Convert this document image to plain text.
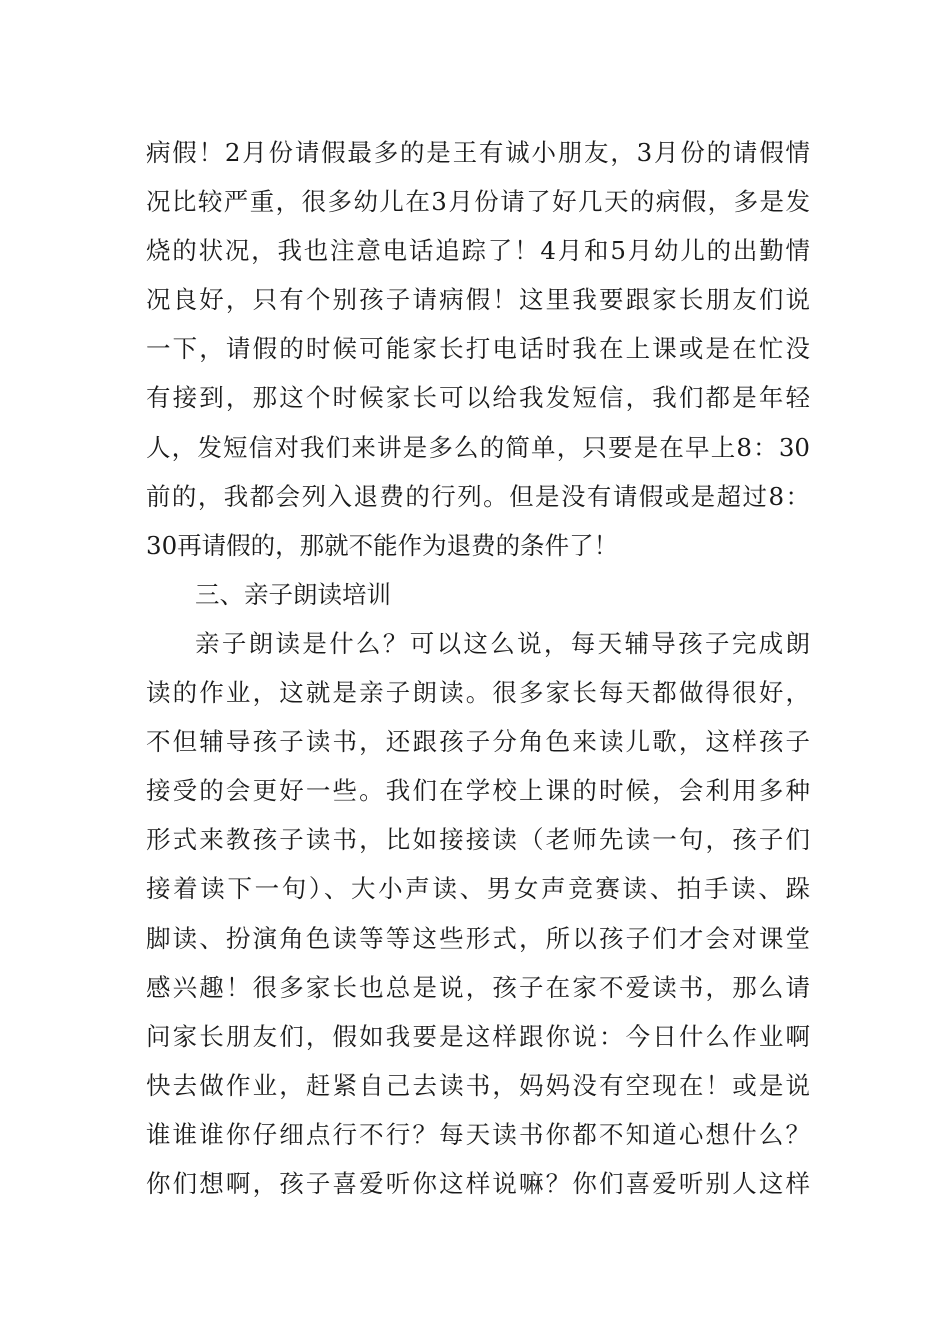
病假！2月份请假最多的是王有诚小朋友，3月份的请假情
况比较严重，很多幼儿在3月份请了好几天的病假，多是发
烧的状况，我也注意电话追踪了！4月和5月幼儿的出勤情
况良好，只有个别孩子请病假！这里我要跟家长朋友们说
一下，请假的时候可能家长打电话时我在上课或是在忙没
有接到，那这个时候家长可以给我发短信，我们都是年轻
人，发短信对我们来讲是多么的简单，只要是在早上8：30
前的，我都会列入退费的行列。但是没有请假或是超过8：
30再请假的，那就不能作为退费的条件了！
三、亲子朗读培训
亲子朗读是什么？可以这么说，每天辅导孩子完成朗
读的作业，这就是亲子朗读。很多家长每天都做得很好，
不但辅导孩子读书，还跟孩子分角色来读儿歌，这样孩子
接受的会更好一些。我们在学校上课的时候，会利用多种
形式来教孩子读书，比如接接读（老师先读一句，孩子们
接着读下一句）、大小声读、男女声竞赛读、拍手读、跺
脚读、扮演角色读等等这些形式，所以孩子们才会对课堂
感兴趣！很多家长也总是说，孩子在家不爱读书，那么请
问家长朋友们，假如我要是这样跟你说：今日什么作业啊
快去做作业，赶紧自己去读书，妈妈没有空现在！或是说
谁谁谁你仔细点行不行？每天读书你都不知道心想什么？
你们想啊，孩子喜爱听你这样说嘛？你们喜爱听别人这样
